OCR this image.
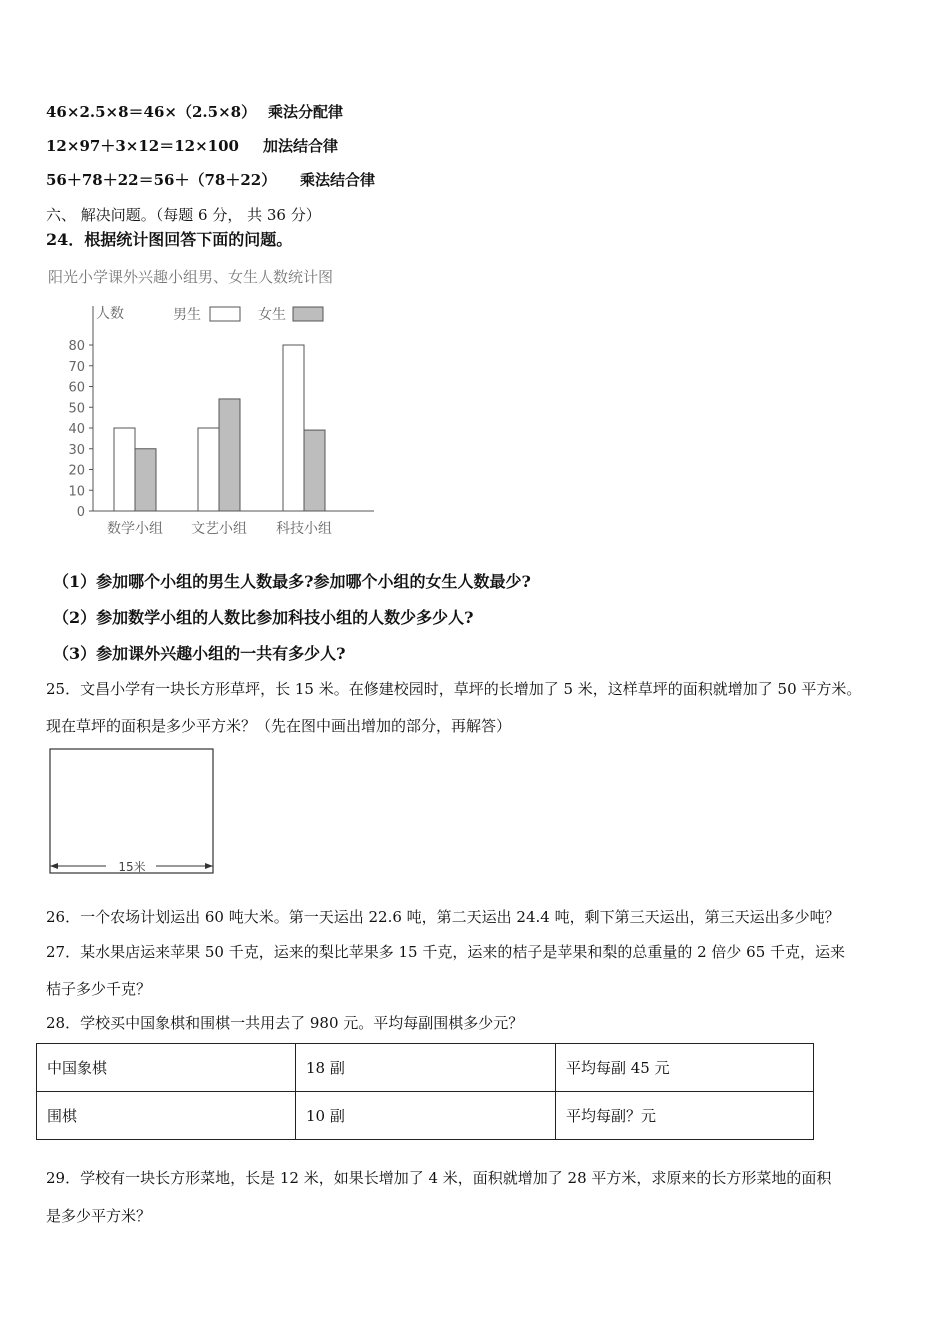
46×2.5×8＝46×（2.5×8） 乘法分配律
12×97＋3×12＝12×100 加法结合律
56＋78＋22＝56＋（78＋22） 乘法结合律
六、 解决问题。（每题 6 分， 共 36 分）
24．根据统计图回答下面的问题。
阳光小学课外兴趣小组男、女生人数统计图
人数	男生	女生
0
10
20
30
40
50
60
70
80
数学小组 文艺小组 科技小组
（1）参加哪个小组的男生人数最多?参加哪个小组的女生人数最少?
（2）参加数学小组的人数比参加科技小组的人数少多少人?
（3）参加课外兴趣小组的一共有多少人?
25．文昌小学有一块长方形草坪，长 15 米。在修建校园时，草坪的长增加了 5 米，这样草坪的面积就增加了 50 平方米。
现在草坪的面积是多少平方米？（先在图中画出增加的部分，再解答）
15米
26．一个农场计划运出 60 吨大米。第一天运出 22.6 吨，第二天运出 24.4 吨，剩下第三天运出，第三天运出多少吨？
27．某水果店运来苹果 50 千克，运来的梨比苹果多 15 千克，运来的桔子是苹果和梨的总重量的 2 倍少 65 千克，运来
桔子多少千克？
28．学校买中国象棋和围棋一共用去了 980 元。平均每副围棋多少元？
中国象棋	18 副	平均每副 45 元
围棋	10 副	平均每副？元
29．学校有一块长方形菜地，长是 12 米，如果长增加了 4 米，面积就增加了 28 平方米，求原来的长方形菜地的面积
是多少平方米？
